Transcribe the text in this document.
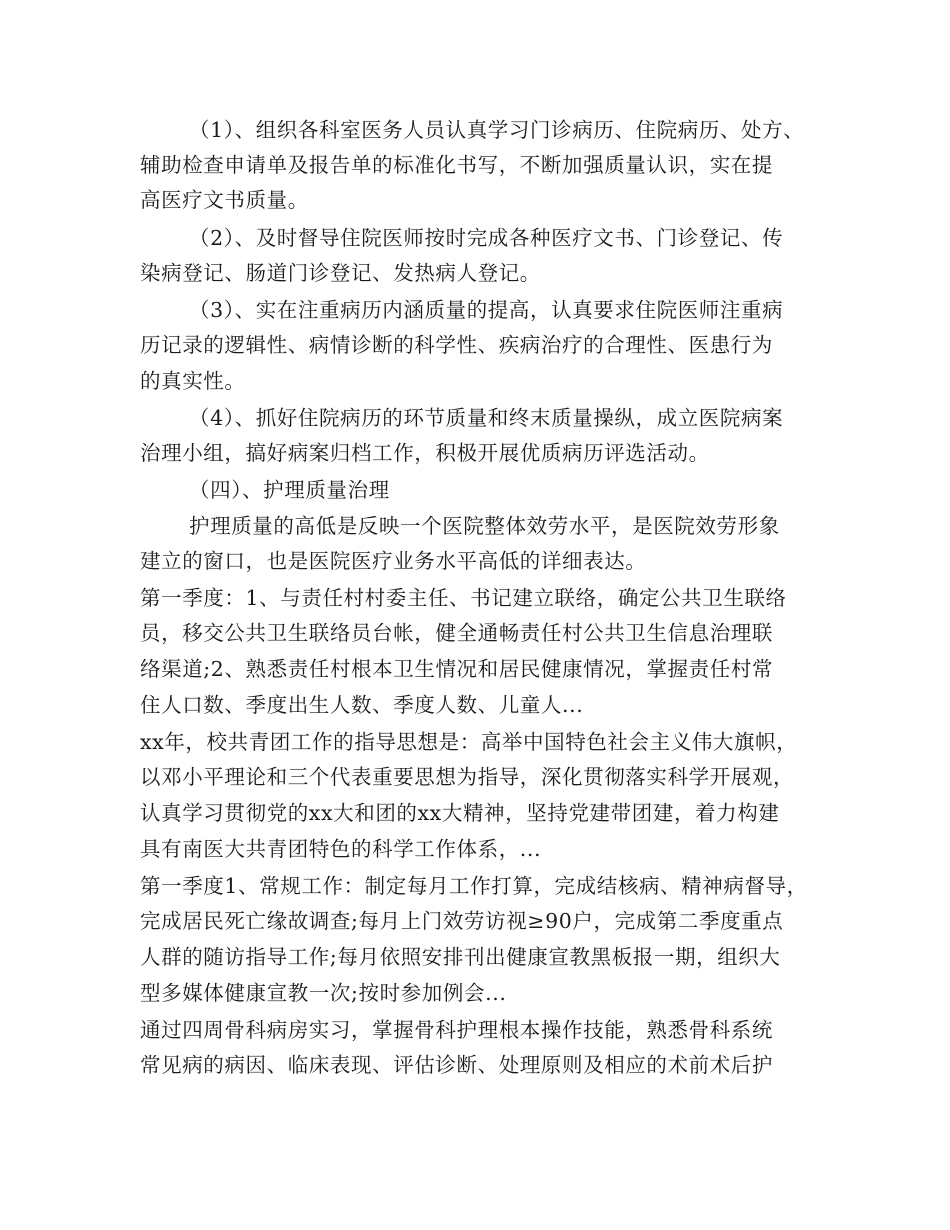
（1）、组织各科室医务人员认真学习门诊病历、住院病历、处方、
辅助检查申请单及报告单的标准化书写，不断加强质量认识，实在提
高医疗文书质量。
（2）、及时督导住院医师按时完成各种医疗文书、门诊登记、传
染病登记、肠道门诊登记、发热病人登记。
（3）、实在注重病历内涵质量的提高，认真要求住院医师注重病
历记录的逻辑性、病情诊断的科学性、疾病治疗的合理性、医患行为
的真实性。
（4）、抓好住院病历的环节质量和终末质量操纵，成立医院病案
治理小组，搞好病案归档工作，积极开展优质病历评选活动。
（四）、护理质量治理
护理质量的高低是反映一个医院整体效劳水平，是医院效劳形象
建立的窗口，也是医院医疗业务水平高低的详细表达。
第一季度：1、与责任村村委主任、书记建立联络，确定公共卫生联络
员，移交公共卫生联络员台帐，健全通畅责任村公共卫生信息治理联
络渠道;2、熟悉责任村根本卫生情况和居民健康情况，掌握责任村常
住人口数、季度出生人数、季度人数、儿童人...
xx年，校共青团工作的指导思想是：高举中国特色社会主义伟大旗帜，
以邓小平理论和三个代表重要思想为指导，深化贯彻落实科学开展观，
认真学习贯彻党的xx大和团的xx大精神，坚持党建带团建，着力构建
具有南医大共青团特色的科学工作体系，...
第一季度1、常规工作：制定每月工作打算，完成结核病、精神病督导，
完成居民死亡缘故调查;每月上门效劳访视≥90户，完成第二季度重点
人群的随访指导工作;每月依照安排刊出健康宣教黑板报一期，组织大
型多媒体健康宣教一次;按时参加例会...
通过四周骨科病房实习，掌握骨科护理根本操作技能，熟悉骨科系统
常见病的病因、临床表现、评估诊断、处理原则及相应的术前术后护
